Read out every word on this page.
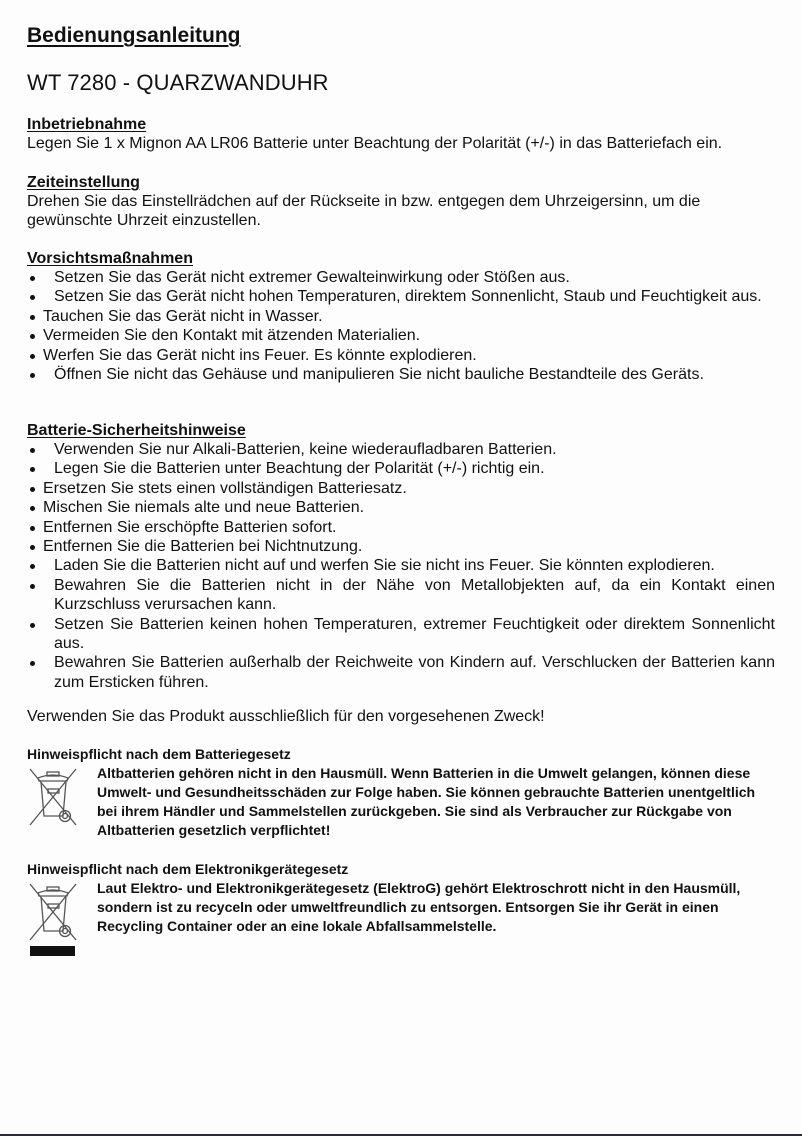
Bedienungsanleitung
WT 7280 - QUARZWANDUHR
Inbetriebnahme
Legen Sie 1 x Mignon AA LR06 Batterie unter Beachtung der Polarität (+/-) in das Batteriefach ein.
Zeiteinstellung
Drehen Sie das Einstellrädchen auf der Rückseite in bzw. entgegen dem Uhrzeigersinn, um die gewünschte Uhrzeit einzustellen.
Vorsichtsmaßnahmen
Setzen Sie das Gerät nicht extremer Gewalteinwirkung oder Stößen aus.
Setzen Sie das Gerät nicht hohen Temperaturen, direktem Sonnenlicht, Staub und Feuchtigkeit aus.
Tauchen Sie das Gerät nicht in Wasser.
Vermeiden Sie den Kontakt mit ätzenden Materialien.
Werfen Sie das Gerät nicht ins Feuer. Es könnte explodieren.
Öffnen Sie nicht das Gehäuse und manipulieren Sie nicht bauliche Bestandteile des Geräts.
Batterie-Sicherheitshinweise
Verwenden Sie nur Alkali-Batterien, keine wiederaufladbaren Batterien.
Legen Sie die Batterien unter Beachtung der Polarität (+/-) richtig ein.
Ersetzen Sie stets einen vollständigen Batteriesatz.
Mischen Sie niemals alte und neue Batterien.
Entfernen Sie erschöpfte Batterien sofort.
Entfernen Sie die Batterien bei Nichtnutzung.
Laden Sie die Batterien nicht auf und werfen Sie sie nicht ins Feuer. Sie könnten explodieren.
Bewahren Sie die Batterien nicht in der Nähe von Metallobjekten auf, da ein Kontakt einen Kurzschluss verursachen kann.
Setzen Sie Batterien keinen hohen Temperaturen, extremer Feuchtigkeit oder direktem Sonnenlicht aus.
Bewahren Sie Batterien außerhalb der Reichweite von Kindern auf. Verschlucken der Batterien kann zum Ersticken führen.
Verwenden Sie das Produkt ausschließlich für den vorgesehenen Zweck!
Hinweispflicht nach dem Batteriegesetz
Altbatterien gehören nicht in den Hausmüll. Wenn Batterien in die Umwelt gelangen, können diese Umwelt- und Gesundheitsschäden zur Folge haben. Sie können gebrauchte Batterien unentgeltlich bei ihrem Händler und Sammelstellen zurückgeben. Sie sind als Verbraucher zur Rückgabe von Altbatterien gesetzlich verpflichtet!
Hinweispflicht nach dem Elektronikgerätegesetz
Laut Elektro- und Elektronikgerätegesetz (ElektroG) gehört Elektroschrott nicht in den Hausmüll, sondern ist zu recyceln oder umweltfreundlich zu entsorgen. Entsorgen Sie ihr Gerät in einen Recycling Container oder an eine lokale Abfallsammelstelle.
